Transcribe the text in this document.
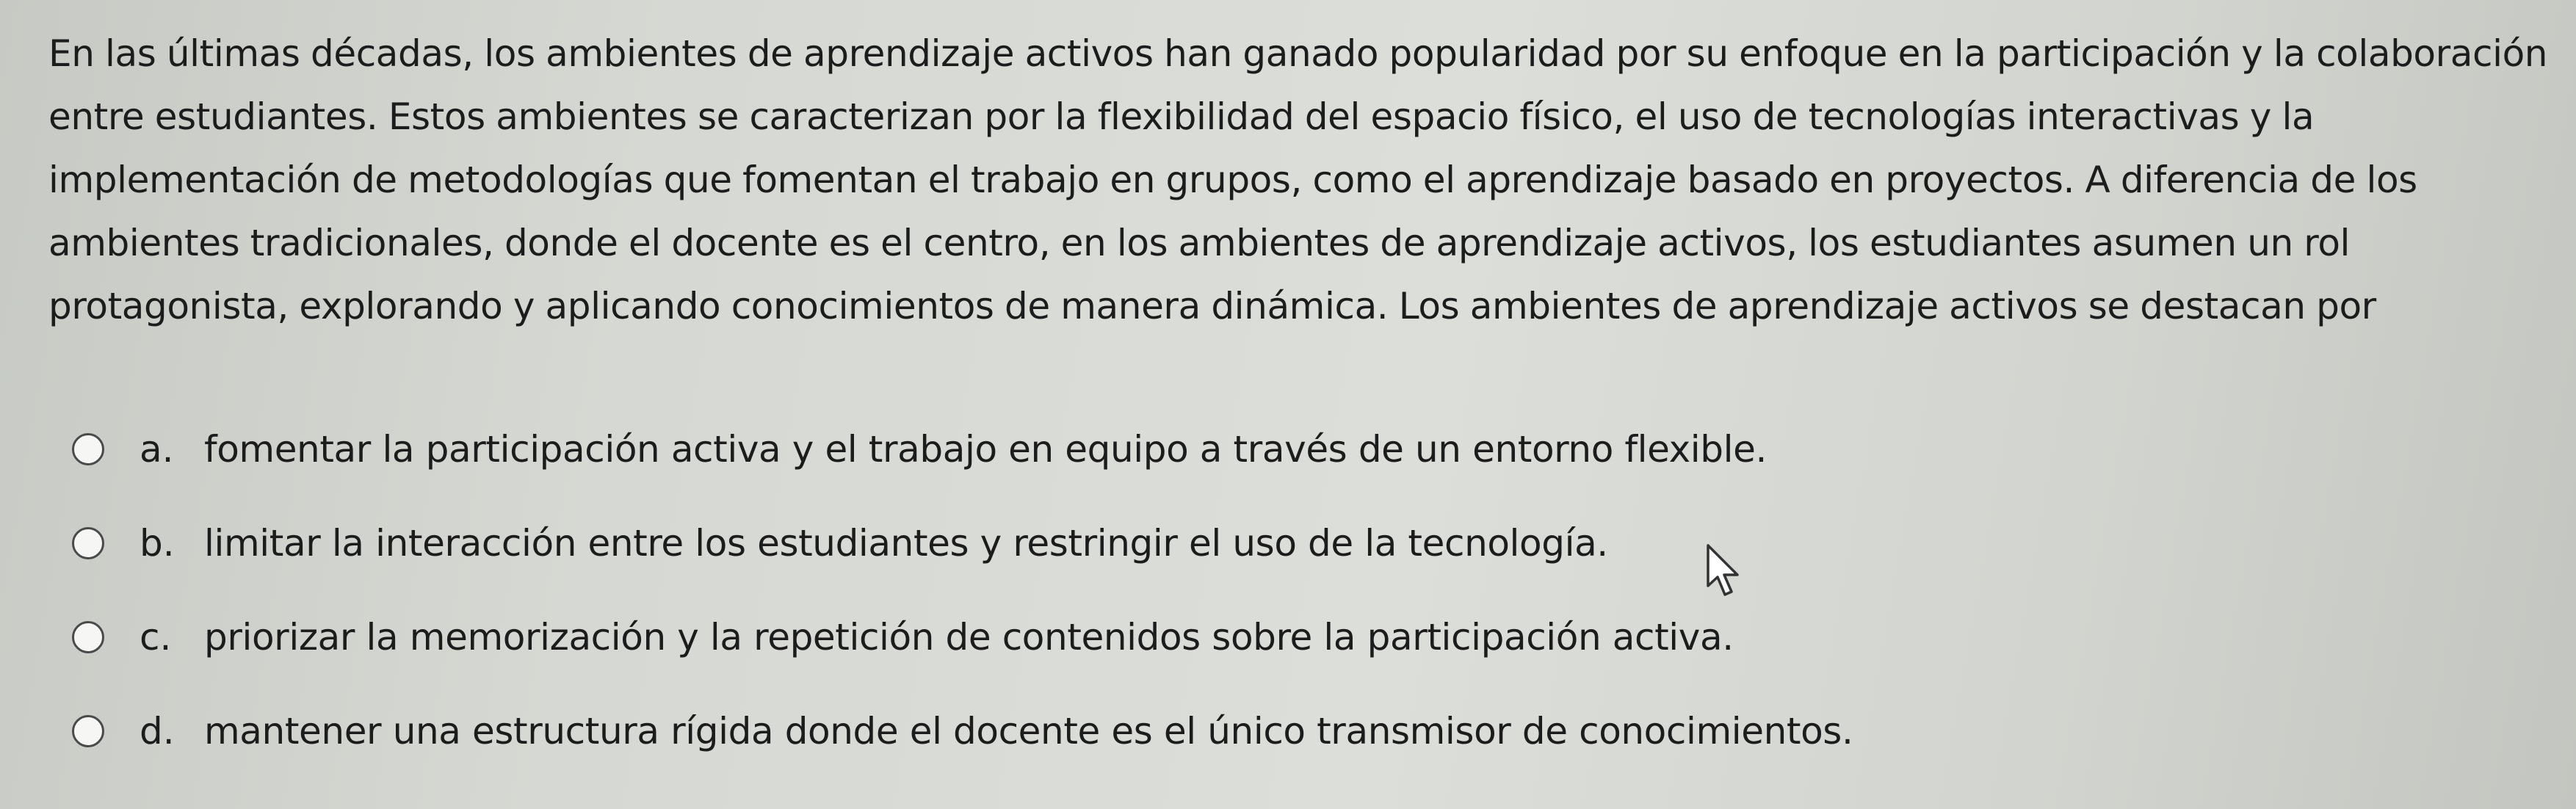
En las últimas décadas, los ambientes de aprendizaje activos han ganado popularidad por su enfoque en la participación y la colaboración entre estudiantes. Estos ambientes se caracterizan por la flexibilidad del espacio físico, el uso de tecnologías interactivas y la implementación de metodologías que fomentan el trabajo en grupos, como el aprendizaje basado en proyectos. A diferencia de los ambientes tradicionales, donde el docente es el centro, en los ambientes de aprendizaje activos, los estudiantes asumen un rol protagonista, explorando y aplicando conocimientos de manera dinámica. Los ambientes de aprendizaje activos se destacan por

a. fomentar la participación activa y el trabajo en equipo a través de un entorno flexible.
b. limitar la interacción entre los estudiantes y restringir el uso de la tecnología.
c. priorizar la memorización y la repetición de contenidos sobre la participación activa.
d. mantener una estructura rígida donde el docente es el único transmisor de conocimientos.
